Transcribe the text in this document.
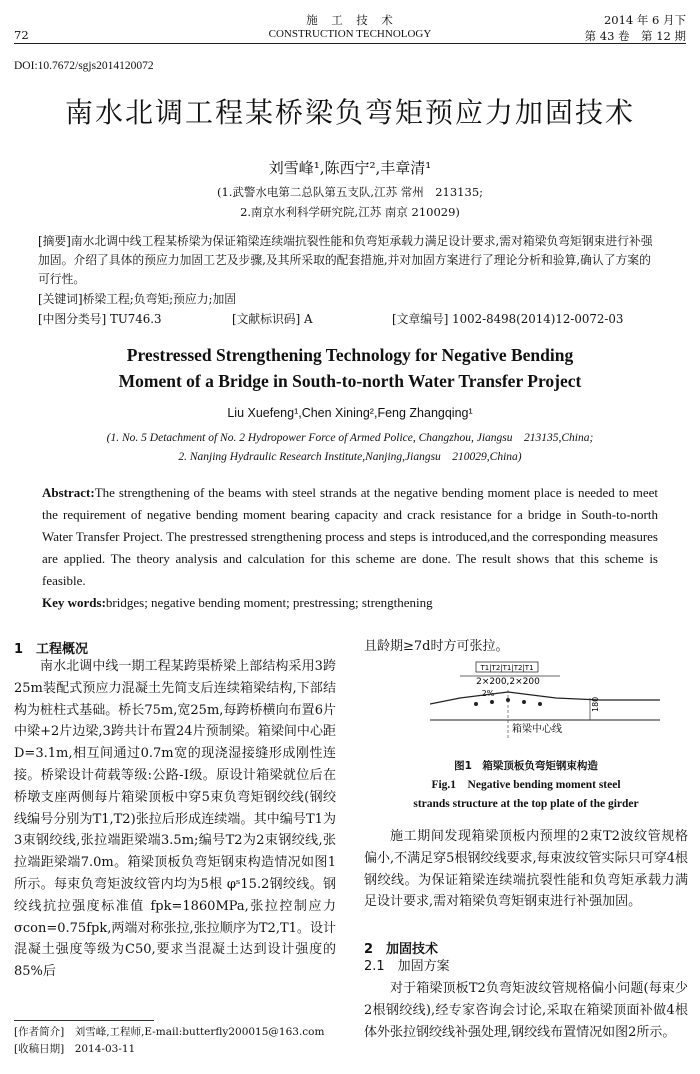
72
施　工　技　术
CONSTRUCTION TECHNOLOGY
2014 年 6 月下
第 43 卷　第 12 期
DOI:10.7672/sgjs2014120072
南水北调工程某桥梁负弯矩预应力加固技术
刘雪峰¹,陈西宁²,丰章清¹
(1.武警水电第二总队第五支队,江苏 常州　213135;
2.南京水利科学研究院,江苏 南京 210029)
[摘要]南水北调中线工程某桥梁为保证箱梁连续端抗裂性能和负弯矩承载力满足设计要求,需对箱梁负弯矩钢束进行补强加固。介绍了具体的预应力加固工艺及步骤,及其所采取的配套措施,并对加固方案进行了理论分析和验算,确认了方案的可行性。
[关键词]桥梁工程;负弯矩;预应力;加固
[中图分类号] TU746.3	[文献标识码] A	[文章编号] 1002-8498(2014)12-0072-03
Prestressed Strengthening Technology for Negative Bending
Moment of a Bridge in South-to-north Water Transfer Project
Liu Xuefeng¹,Chen Xining²,Feng Zhangqing¹
(1. No. 5 Detachment of No. 2 Hydropower Force of Armed Police, Changzhou, Jiangsu　213135,China;
2. Nanjing Hydraulic Research Institute,Nanjing,Jiangsu　210029,China)
Abstract:The strengthening of the beams with steel strands at the negative bending moment place is needed to meet the requirement of negative bending moment bearing capacity and crack resistance for a bridge in South-to-north Water Transfer Project. The prestressed strengthening process and steps is introduced,and the corresponding measures are applied. The theory analysis and calculation for this scheme are done. The result shows that this scheme is feasible.
Key words:bridges; negative bending moment; prestressing; strengthening
1　工程概况
南水北调中线一期工程某跨渠桥梁上部结构采用3跨25m装配式预应力混凝土先简支后连续箱梁结构,下部结构为桩柱式基础。桥长75m,宽25m,每跨桥横向布置6片中梁+2片边梁,3跨共计布置24片预制梁。箱梁间中心距 D=3.1m,相互间通过0.7m宽的现浇湿接缝形成刚性连接。桥梁设计荷载等级:公路-Ⅰ级。原设计箱梁就位后在桥墩支座两侧每片箱梁顶板中穿5束负弯矩钢绞线(钢绞线编号分别为T1,T2)张拉后形成连续端。其中编号T1为3束钢绞线,张拉端距梁端3.5m;编号T2为2束钢绞线,张拉端距梁端7.0m。箱梁顶板负弯矩钢束构造情况如图1所示。每束负弯矩波纹管内均为5根 φˢ15.2钢绞线。钢绞线抗拉强度标准值 fpk=1860MPa,张拉控制应力 σcon=0.75fpk,两端对称张拉,张拉顺序为T2,T1。设计混凝土强度等级为C50,要求当混凝土达到设计强度的85%后
[作者简介]　刘雪峰,工程师,E-mail:butterfly200015@163.com
[收稿日期]　2014-03-11
且龄期≥7d时方可张拉。
T1|T2|T1|T2|T1
2×200,2×200
2%
180
箱梁中心线
图1　箱梁顶板负弯矩钢束构造
Fig.1　Negative bending moment steel
strands structure at the top plate of the girder
施工期间发现箱梁顶板内预埋的2束T2波纹管规格偏小,不满足穿5根钢绞线要求,每束波纹管实际只可穿4根钢绞线。为保证箱梁连续端抗裂性能和负弯矩承载力满足设计要求,需对箱梁负弯矩钢束进行补强加固。
2　加固技术
2.1　加固方案
对于箱梁顶板T2负弯矩波纹管规格偏小问题(每束少2根钢绞线),经专家咨询会讨论,采取在箱梁顶面补做4根体外张拉钢绞线补强处理,钢绞线布置情况如图2所示。
